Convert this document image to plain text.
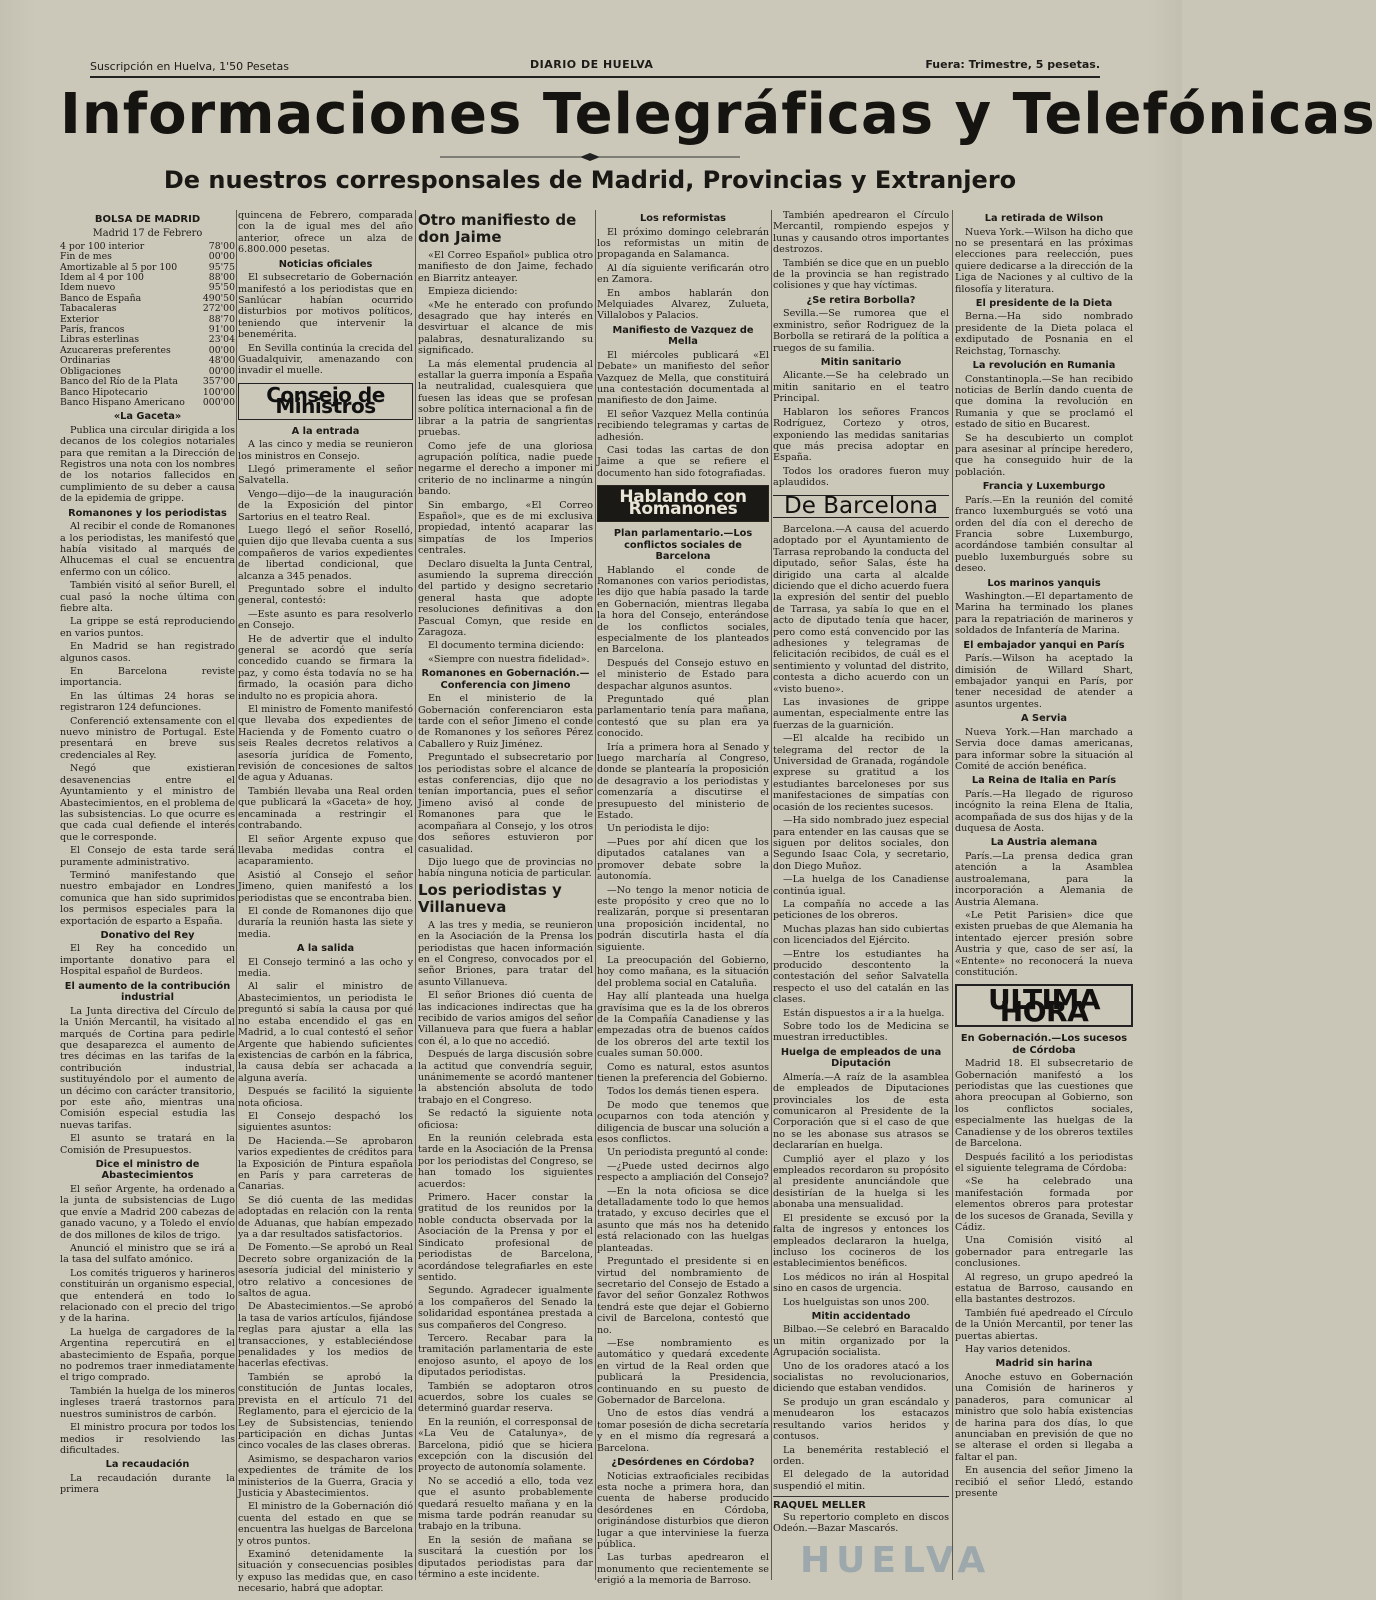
Suscripción en Huelva, 1'50 Pesetas	DIARIO DE HUELVA	Fuera: Trimestre, 5 pesetas.
Informaciones Telegráficas y Telefónicas
De nuestros corresponsales de Madrid, Provincias y Extranjero
BOLSA DE MADRID
Madrid 17 de Febrero
4 por 100 interior	78'00
Fin de mes	00'00
Amortizable al 5 por 100	95'75
Idem al 4 por 100	88'00
Idem nuevo	95'50
Banco de España	490'50
Tabacaleras	272'00
Exterior	88'70
París, francos	91'00
Libras esterlinas	23'04
Azucareras preferentes	00'00
Ordinarias	48'00
Obligaciones	00'00
Banco del Río de la Plata	357'00
Banco Hipotecario	100'00
Banco Hispano Americano 000'00
«La Gaceta»

Publica una circular dirigida a los decanos de los colegios notariales para que remitan a la Dirección de Registros una nota con los nombres de los notarios fallecidos en cumplimiento de su deber a causa de la epidemia de grippe.

Romanones y los periodistas

Al recibir el conde de Romanones a los periodistas, les manifestó que había visitado al marqués de Alhucemas el cual se encuentra enfermo con un cólico.

También visitó al señor Burell, el cual pasó la noche última con fiebre alta.

La grippe se está reproduciendo en varios puntos.

En Madrid se han registrado algunos casos.

En Barcelona reviste importancia.

En las últimas 24 horas se registraron 124 defunciones.

Conferenció extensamente con el nuevo ministro de Portugal. Este presentará en breve sus credenciales al Rey.

Negó que existieran desavenencias entre el Ayuntamiento y el ministro de Abastecimientos, en el problema de las subsistencias. Lo que ocurre es que cada cual defiende el interés que le corresponde.

El Consejo de esta tarde será puramente administrativo.

Terminó manifestando que nuestro embajador en Londres comunica que han sido suprimidos los permisos especiales para la exportación de esparto a España.

Donativo del Rey

El Rey ha concedido un importante donativo para el Hospital español de Burdeos.

El aumento de la contribución industrial

La Junta directiva del Círculo de la Unión Mercantil, ha visitado al marqués de Cortina para pedirle que desaparezca el aumento de tres décimas en las tarifas de la contribución industrial, sustituyéndolo por el aumento de un décimo con carácter transitorio, por este año, mientras una Comisión especial estudia las nuevas tarifas.

El asunto se tratará en la Comisión de Presupuestos.

Dice el ministro de Abastecimientos

El señor Argente, ha ordenado a la junta de subsistencias de Lugo que envíe a Madrid 200 cabezas de ganado vacuno, y a Toledo el envío de dos millones de kilos de trigo.

Anunció el ministro que se irá a la tasa del sulfato amónico.

Los comités trigueros y harineros constituirán un organismo especial, que entenderá en todo lo relacionado con el precio del trigo y de la harina.

La huelga de cargadores de la Argentina repercutirá en el abastecimiento de España, porque no podremos traer inmediatamente el trigo comprado.

También la huelga de los mineros ingleses traerá trastornos para nuestros suministros de carbón.

El ministro procura por todos los medios ir resolviendo las dificultades.

La recaudación

La recaudación durante la primera

quincena de Febrero, comparada con la de igual mes del año anterior, ofrece un alza de 6.800.000 pesetas.

Noticias oficiales

El subsecretario de Gobernación manifestó a los periodistas que en Sanlúcar habían ocurrido disturbios por motivos políticos, teniendo que intervenir la benemérita.

En Sevilla continúa la crecida del Guadalquivir, amenazando con invadir el muelle.

Consejo de Ministros
A la entrada

A las cinco y media se reunieron los ministros en Consejo.

Llegó primeramente el señor Salvatella.

Vengo—dijo—de la inauguración de la Exposición del pintor Sartorius en el teatro Real.

Luego llegó el señor Roselló, quien dijo que llevaba cuenta a sus compañeros de varios expedientes de libertad condicional, que alcanza a 345 penados.

Preguntado sobre el indulto general, contestó:

—Este asunto es para resolverlo en Consejo.

He de advertir que el indulto general se acordó que sería concedido cuando se firmara la paz, y como ésta todavía no se ha firmado, la ocasión para dicho indulto no es propicia ahora.

El ministro de Fomento manifestó que llevaba dos expedientes de Hacienda y de Fomento cuatro o seis Reales decretos relativos a asesoría jurídica de Fomento, revisión de concesiones de saltos de agua y Aduanas.

También llevaba una Real orden que publicará la «Gaceta» de hoy, encaminada a restringir el contrabando.

El señor Argente expuso que llevaba medidas contra el acaparamiento.

Asistió al Consejo el señor Jimeno, quien manifestó a los periodistas que se encontraba bien.

El conde de Romanones dijo que duraría la reunión hasta las siete y media.

A la salida

El Consejo terminó a las ocho y media.

Al salir el ministro de Abastecimientos, un periodista le preguntó si sabía la causa por qué no estaba encendido el gas en Madrid, a lo cual contestó el señor Argente que habiendo suficientes existencias de carbón en la fábrica, la causa debía ser achacada a alguna avería.

Después se facilitó la siguiente nota oficiosa.

El Consejo despachó los siguientes asuntos:

De Hacienda.—Se aprobaron varios expedientes de créditos para la Exposición de Pintura española en París y para carreteras de Canarias.

Se dió cuenta de las medidas adoptadas en relación con la renta de Aduanas, que habían empezado ya a dar resultados satisfactorios.

De Fomento.—Se aprobó un Real Decreto sobre organización de la asesoría judicial del ministerio y otro relativo a concesiones de saltos de agua.

De Abastecimientos.—Se aprobó la tasa de varios artículos, fijándose reglas para ajustar a ella las transacciones, y estableciéndose penalidades y los medios de hacerlas efectivas.

También se aprobó la constitución de Juntas locales, prevista en el artículo 71 del Reglamento, para el ejercicio de la Ley de Subsistencias, teniendo participación en dichas Juntas cinco vocales de las clases obreras.

Asimismo, se despacharon varios expedientes de trámite de los ministerios de la Guerra, Gracia y Justicia y Abastecimientos.

El ministro de la Gobernación dió cuenta del estado en que se encuentra las huelgas de Barcelona y otros puntos.

Examinó detenidamente la situación y consecuencias posibles y expuso las medidas que, en caso necesario, habrá que adoptar.

Otro manifiesto de don Jaime

«El Correo Español» publica otro manifiesto de don Jaime, fechado en Biarritz anteayer.

Empieza diciendo:

«Me he enterado con profundo desagrado que hay interés en desvirtuar el alcance de mis palabras, desnaturalizando su significado.

La más elemental prudencia al estallar la guerra imponía a España la neutralidad, cualesquiera que fuesen las ideas que se profesan sobre política internacional a fin de librar a la patria de sangrientas pruebas.

Como jefe de una gloriosa agrupación política, nadie puede negarme el derecho a imponer mi criterio de no inclinarme a ningún bando.

Sin embargo, «El Correo Español», que es de mi exclusiva propiedad, intentó acaparar las simpatías de los Imperios centrales.

Declaro disuelta la Junta Central, asumiendo la suprema dirección del partido y designo secretario general hasta que adopte resoluciones definitivas a don Pascual Comyn, que reside en Zaragoza.

El documento termina diciendo:

«Siempre con nuestra fidelidad».

Romanones en Gobernación.—Conferencia con Jimeno

En el ministerio de la Gobernación conferenciaron esta tarde con el señor Jimeno el conde de Romanones y los señores Pérez Caballero y Ruiz Jiménez.

Preguntado el subsecretario por los periodistas sobre el alcance de estas conferencias, dijo que no tenían importancia, pues el señor Jimeno avisó al conde de Romanones para que le acompañara al Consejo, y los otros dos señores estuvieron por casualidad.

Dijo luego que de provincias no había ninguna noticia de particular.

Los periodistas y Villanueva

A las tres y media, se reunieron en la Asociación de la Prensa los periodistas que hacen información en el Congreso, convocados por el señor Briones, para tratar del asunto Villanueva.

El señor Briones dió cuenta de las indicaciones indirectas que ha recibido de varios amigos del señor Villanueva para que fuera a hablar con él, a lo que no accedió.

Después de larga discusión sobre la actitud que convendría seguir, unánimemente se acordó mantener la abstención absoluta de todo trabajo en el Congreso.

Se redactó la siguiente nota oficiosa:

En la reunión celebrada esta tarde en la Asociación de la Prensa por los periodistas del Congreso, se han tomado los siguientes acuerdos:

Primero. Hacer constar la gratitud de los reunidos por la noble conducta observada por la Asociación de la Prensa y por el Sindicato profesional de periodistas de Barcelona, acordándose telegrafiarles en este sentido.

Segundo. Agradecer igualmente a los compañeros del Senado la solidaridad espontánea prestada a sus compañeros del Congreso.

Tercero. Recabar para la tramitación parlamentaria de este enojoso asunto, el apoyo de los diputados periodistas.

También se adoptaron otros acuerdos, sobre los cuales se determinó guardar reserva.

En la reunión, el corresponsal de «La Veu de Catalunya», de Barcelona, pidió que se hiciera excepción con la discusión del proyecto de autonomía solamente.

No se accedió a ello, toda vez que el asunto probablemente quedará resuelto mañana y en la misma tarde podrán reanudar su trabajo en la tribuna.

En la sesión de mañana se suscitará la cuestión por los diputados periodistas para dar término a este incidente.

Los reformistas

El próximo domingo celebrarán los reformistas un mitin de propaganda en Salamanca.

Al día siguiente verificarán otro en Zamora.

En ambos hablarán don Melquiades Alvarez, Zulueta, Villalobos y Palacios.

Manifiesto de Vazquez de Mella

El miércoles publicará «El Debate» un manifiesto del señor Vazquez de Mella, que constituirá una contestación documentada al manifiesto de don Jaime.

El señor Vazquez Mella continúa recibiendo telegramas y cartas de adhesión.

Casi todas las cartas de don Jaime a que se refiere el documento han sido fotografiadas.

Hablando con Romanones
Plan parlamentario.—Los conflictos sociales de Barcelona

Hablando el conde de Romanones con varios periodistas, les dijo que había pasado la tarde en Gobernación, mientras llegaba la hora del Consejo, enterándose de los conflictos sociales, especialmente de los planteados en Barcelona.

Después del Consejo estuvo en el ministerio de Estado para despachar algunos asuntos.

Preguntado qué plan parlamentario tenía para mañana, contestó que su plan era ya conocido.

Iría a primera hora al Senado y luego marcharía al Congreso, donde se plantearía la proposición de desagravio a los periodistas y comenzaría a discutirse el presupuesto del ministerio de Estado.

Un periodista le dijo:

—Pues por ahí dicen que los diputados catalanes van a promover debate sobre la autonomía.

—No tengo la menor noticia de este propósito y creo que no lo realizarán, porque si presentaran una proposición incidental, no podrán discutirla hasta el día siguiente.

La preocupación del Gobierno, hoy como mañana, es la situación del problema social en Cataluña.

Hay allí planteada una huelga gravísima que es la de los obreros de la Compañía Canadiense y las empezadas otra de buenos caídos de los obreros del arte textil los cuales suman 50.000.

Como es natural, estos asuntos tienen la preferencia del Gobierno.

Todos los demás tienen espera.

De modo que tenemos que ocuparnos con toda atención y diligencia de buscar una solución a esos conflictos.

Un periodista preguntó al conde:

—¿Puede usted decirnos algo respecto a ampliación del Consejo?

—En la nota oficiosa se dice detalladamente todo lo que hemos tratado, y excuso decirles que el asunto que más nos ha detenido está relacionado con las huelgas planteadas.

Preguntado el presidente si en virtud del nombramiento de secretario del Consejo de Estado a favor del señor Gonzalez Rothwos tendrá este que dejar el Gobierno civil de Barcelona, contestó que no.

—Ese nombramiento es automático y quedará excedente en virtud de la Real orden que publicará la Presidencia, continuando en su puesto de Gobernador de Barcelona.

Uno de estos días vendrá a tomar posesión de dicha secretaría y en el mismo día regresará a Barcelona.

¿Desórdenes en Córdoba?

Noticias extraoficiales recibidas esta noche a primera hora, dan cuenta de haberse producido desórdenes en Córdoba, originándose disturbios que dieron lugar a que interviniese la fuerza pública.

Las turbas apedrearon el monumento que recientemente se erigió a la memoria de Barroso.

También apedrearon el Círculo Mercantil, rompiendo espejos y lunas y causando otros importantes destrozos.

También se dice que en un pueblo de la provincia se han registrado colisiones y que hay víctimas.

¿Se retira Borbolla?

Sevilla.—Se rumorea que el exministro, señor Rodriguez de la Borbolla se retirará de la política a ruegos de su familia.

Mitin sanitario

Alicante.—Se ha celebrado un mitin sanitario en el teatro Principal.

Hablaron los señores Francos Rodríguez, Cortezo y otros, exponiendo las medidas sanitarias que más precisa adoptar en España.

Todos los oradores fueron muy aplaudidos.

De Barcelona

Barcelona.—A causa del acuerdo adoptado por el Ayuntamiento de Tarrasa reprobando la conducta del diputado, señor Salas, éste ha dirigido una carta al alcalde diciendo que el dicho acuerdo fuera la expresión del sentir del pueblo de Tarrasa, ya sabía lo que en el acto de diputado tenía que hacer, pero como está convencido por las adhesiones y telegramas de felicitación recibidos, de cuál es el sentimiento y voluntad del distrito, contesta a dicho acuerdo con un «visto bueno».

Las invasiones de grippe aumentan, especialmente entre las fuerzas de la guarnición.

—El alcalde ha recibido un telegrama del rector de la Universidad de Granada, rogándole exprese su gratitud a los estudiantes barceloneses por sus manifestaciones de simpatías con ocasión de los recientes sucesos.

—Ha sido nombrado juez especial para entender en las causas que se siguen por delitos sociales, don Segundo Isaac Cola, y secretario, don Diego Muñoz.

—La huelga de los Canadiense continúa igual.

La compañía no accede a las peticiones de los obreros.

Muchas plazas han sido cubiertas con licenciados del Ejército.

—Entre los estudiantes ha producido descontento la contestación del señor Salvatella respecto el uso del catalán en las clases.

Están dispuestos a ir a la huelga.

Sobre todo los de Medicina se muestran irreductibles.

Huelga de empleados de una Diputación

Almería.—A raíz de la asamblea de empleados de Diputaciones provinciales los de esta comunicaron al Presidente de la Corporación que si el caso de que no se les abonase sus atrasos se declararían en huelga.

Cumplió ayer el plazo y los empleados recordaron su propósito al presidente anunciándole que desistirían de la huelga si les abonaba una mensualidad.

El presidente se excusó por la falta de ingresos y entonces los empleados declararon la huelga, incluso los cocineros de los establecimientos benéficos.

Los médicos no irán al Hospital sino en casos de urgencia.

Los huelguistas son unos 200.

Mitin accidentado

Bilbao.—Se celebró en Baracaldo un mitin organizado por la Agrupación socialista.

Uno de los oradores atacó a los socialistas no revolucionarios, diciendo que estaban vendidos.

Se produjo un gran escándalo y menudearon los estacazos resultando varios heridos y contusos.

La benemérita restableció el orden.

El delegado de la autoridad suspendió el mitin.

RAQUEL MELLER

Su repertorio completo en discos Odeón.—Bazar Mascarós.

La retirada de Wilson

Nueva York.—Wilson ha dicho que no se presentará en las próximas elecciones para reelección, pues quiere dedicarse a la dirección de la Liga de Naciones y al cultivo de la filosofía y literatura.

El presidente de la Dieta

Berna.—Ha sido nombrado presidente de la Dieta polaca el exdiputado de Posnania en el Reichstag, Tornaschy.

La revolución en Rumania

Constantinopla.—Se han recibido noticias de Berlín dando cuenta de que domina la revolución en Rumania y que se proclamó el estado de sitio en Bucarest.

Se ha descubierto un complot para asesinar al príncipe heredero, que ha conseguido huir de la población.

Francia y Luxemburgo

París.—En la reunión del comité franco luxemburgués se votó una orden del día con el derecho de Francia sobre Luxemburgo, acordándose también consultar al pueblo luxemburgués sobre su deseo.

Los marinos yanquis

Washington.—El departamento de Marina ha terminado los planes para la repatriación de marineros y soldados de Infantería de Marina.

El embajador yanqui en París

París.—Wilson ha aceptado la dimisión de Willard Shart, embajador yanqui en París, por tener necesidad de atender a asuntos urgentes.

A Servia

Nueva York.—Han marchado a Servia doce damas americanas, para informar sobre la situación al Comité de acción benéfica.

La Reina de Italia en París

París.—Ha llegado de riguroso incógnito la reina Elena de Italia, acompañada de sus dos hijas y de la duquesa de Aosta.

La Austria alemana

París.—La prensa dedica gran atención a la Asamblea austroalemana, para la incorporación a Alemania de Austria Alemana.

«Le Petit Parisien» dice que existen pruebas de que Alemania ha intentado ejercer presión sobre Austria y que, caso de ser así, la «Entente» no reconocerá la nueva constitución.

ULTIMA HORA
En Gobernación.—Los sucesos de Córdoba

Madrid 18. El subsecretario de Gobernación manifestó a los periodistas que las cuestiones que ahora preocupan al Gobierno, son los conflictos sociales, especialmente las huelgas de la Canadiense y de los obreros textiles de Barcelona.

Después facilitó a los periodistas el siguiente telegrama de Córdoba:

«Se ha celebrado una manifestación formada por elementos obreros para protestar de los sucesos de Granada, Sevilla y Cádiz.

Una Comisión visitó al gobernador para entregarle las conclusiones.

Al regreso, un grupo apedreó la estatua de Barroso, causando en ella bastantes destrozos.

También fué apedreado el Círculo de la Unión Mercantil, por tener las puertas abiertas.

Hay varios detenidos.

Madrid sin harina

Anoche estuvo en Gobernación una Comisión de harineros y panaderos, para comunicar al ministro que solo había existencias de harina para dos días, lo que anunciaban en previsión de que no se alterase el orden si llegaba a faltar el pan.

En ausencia del señor Jimeno la recibió el señor Lledó, estando presente

HUELVA
